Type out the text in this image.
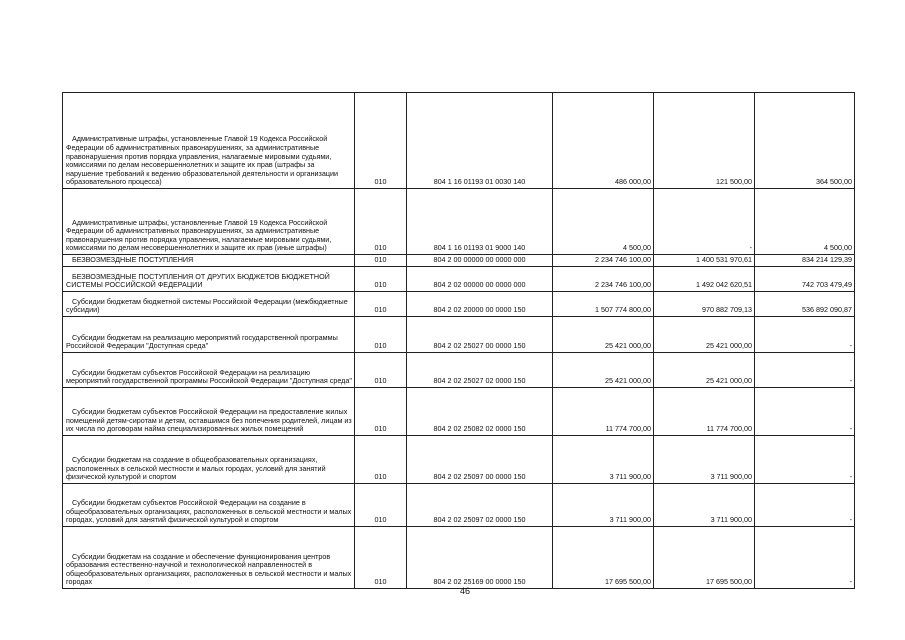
Административные штрафы, установленные Главой 19 Кодекса Российской Федерации об административных правонарушениях, за административные правонарушения против порядка управления, налагаемые мировыми судьями, комиссиями по делам несовершеннолетних и защите их прав (штрафы за нарушение требований к ведению образовательной деятельности и организации образовательного процесса)	010	804 1 16 01193 01 0030 140	486 000,00	121 500,00	364 500,00

Административные штрафы, установленные Главой 19 Кодекса Российской Федерации об административных правонарушениях, за административные правонарушения против порядка управления, налагаемые мировыми судьями, комиссиями по делам несовершеннолетних и защите их прав (иные штрафы)	010	804 1 16 01193 01 9000 140	4 500,00	-	4 500,00

БЕЗВОЗМЕЗДНЫЕ ПОСТУПЛЕНИЯ	010	804 2 00 00000 00 0000 000	2 234 746 100,00	1 400 531 970,61	834 214 129,39

БЕЗВОЗМЕЗДНЫЕ ПОСТУПЛЕНИЯ ОТ ДРУГИХ БЮДЖЕТОВ БЮДЖЕТНОЙ СИСТЕМЫ РОССИЙСКОЙ ФЕДЕРАЦИИ	010	804 2 02 00000 00 0000 000	2 234 746 100,00	1 492 042 620,51	742 703 479,49

Субсидии бюджетам бюджетной системы Российской Федерации (межбюджетные субсидии)	010	804 2 02 20000 00 0000 150	1 507 774 800,00	970 882 709,13	536 892 090,87

Субсидии бюджетам на реализацию мероприятий государственной программы Российской Федерации "Доступная среда"	010	804 2 02 25027 00 0000 150	25 421 000,00	25 421 000,00	-

Субсидии бюджетам субъектов Российской Федерации на реализацию мероприятий государственной программы Российской Федерации "Доступная среда"	010	804 2 02 25027 02 0000 150	25 421 000,00	25 421 000,00	-

Субсидии бюджетам субъектов Российской Федерации на предоставление жилых помещений детям-сиротам и детям, оставшимся без попечения родителей, лицам из их числа по договорам найма специализированных жилых помещений	010	804 2 02 25082 02 0000 150	11 774 700,00	11 774 700,00	-

Субсидии бюджетам на создание в общеобразовательных организациях, расположенных в сельской местности и малых городах, условий для занятий физической культурой и спортом	010	804 2 02 25097 00 0000 150	3 711 900,00	3 711 900,00	-

Субсидии бюджетам субъектов Российской Федерации на создание в общеобразовательных организациях, расположенных в сельской местности и малых городах, условий для занятий физической культурой и спортом	010	804 2 02 25097 02 0000 150	3 711 900,00	3 711 900,00	-

Субсидии бюджетам на создание и обеспечение функционирования центров образования естественно-научной и технологической направленностей в общеобразовательных организациях, расположенных в сельской местности и малых городах	010	804 2 02 25169 00 0000 150	17 695 500,00	17 695 500,00	-
46
